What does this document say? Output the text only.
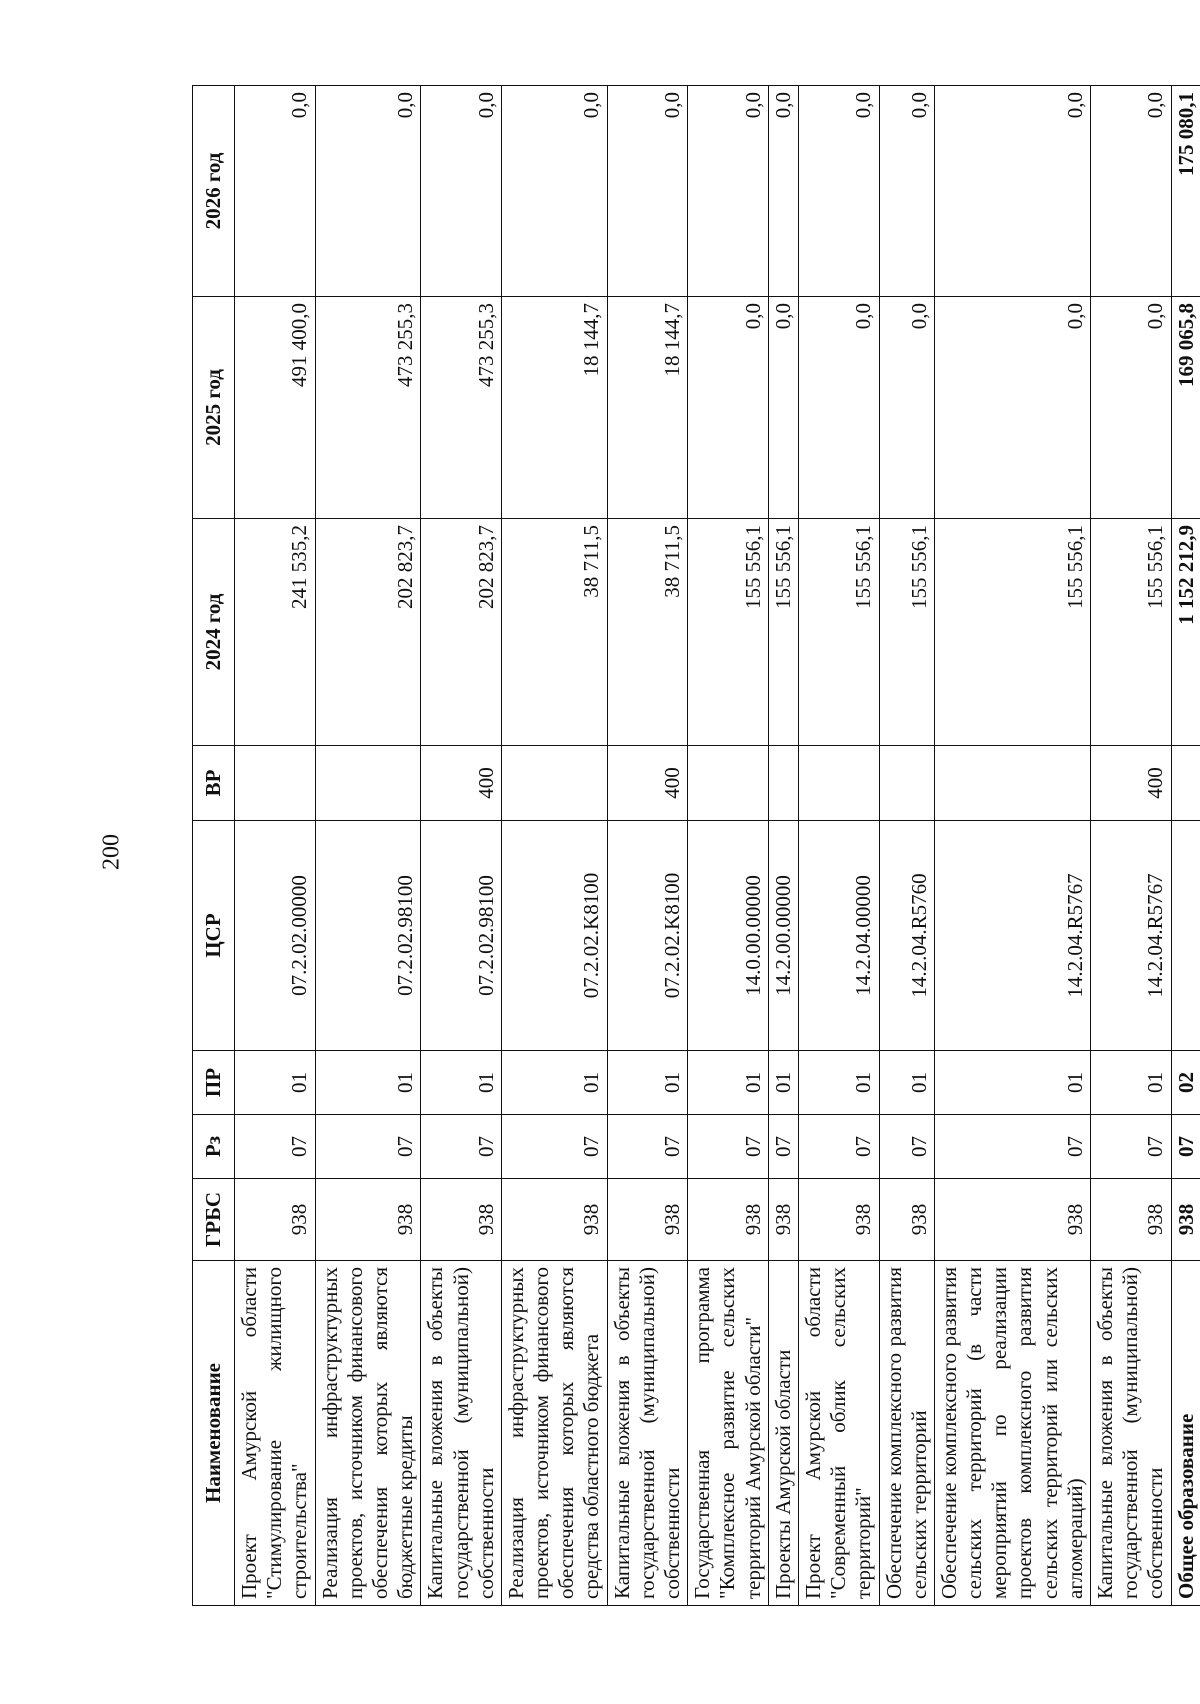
200
Наименование	ГРБС	Рз	ПР	ЦСР	ВР	2024 год	2025 год	2026 год
Проект Амурской области "Стимулирование жилищного строительства"	938	07	01	07.2.02.00000		241 535,2	491 400,0	0,0
Реализация инфраструктурных проектов, источником финансового обеспечения которых являются бюджетные кредиты	938	07	01	07.2.02.98100		202 823,7	473 255,3	0,0
Капитальные вложения в объекты государственной (муниципальной) собственности	938	07	01	07.2.02.98100	400	202 823,7	473 255,3	0,0
Реализация инфраструктурных проектов, источником финансового обеспечения которых являются средства областного бюджета	938	07	01	07.2.02.K8100		38 711,5	18 144,7	0,0
Капитальные вложения в объекты государственной (муниципальной) собственности	938	07	01	07.2.02.K8100	400	38 711,5	18 144,7	0,0
Государственная программа "Комплексное развитие сельских территорий Амурской области"	938	07	01	14.0.00.00000		155 556,1	0,0	0,0
Проекты Амурской области	938	07	01	14.2.00.00000		155 556,1	0,0	0,0
Проект Амурской области "Современный облик сельских территорий"	938	07	01	14.2.04.00000		155 556,1	0,0	0,0
Обеспечение комплексного развития сельских территорий	938	07	01	14.2.04.R5760		155 556,1	0,0	0,0
Обеспечение комплексного развития сельских территорий (в части мероприятий по реализации проектов комплексного развития сельских территорий или сельских агломераций)	938	07	01	14.2.04.R5767		155 556,1	0,0	0,0
Капитальные вложения в объекты государственной (муниципальной) собственности	938	07	01	14.2.04.R5767	400	155 556,1	0,0	0,0
Общее образование	938	07	02			1 152 212,9	169 065,8	175 080,1
